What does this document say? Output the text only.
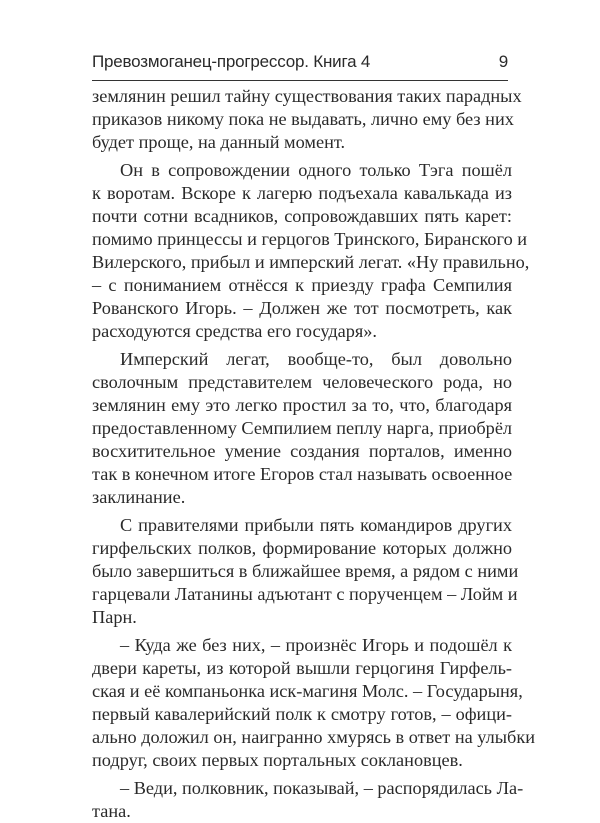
Превозмоганец-прогрессор. Книга 4	9

землянин решил тайну существования таких парадных
приказов никому пока не выдавать, лично ему без них
будет проще, на данный момент.

Он в сопровождении одного только Тэга пошёл
к воротам. Вскоре к лагерю подъехала кавалькада из
почти сотни всадников, сопровождавших пять карет:
помимо принцессы и герцогов Тринского, Биранского и
Вилерского, прибыл и имперский легат. «Ну правильно,
– с пониманием отнёсся к приезду графа Семпилия
Рованского Игорь. – Должен же тот посмотреть, как
расходуются средства его государя».

Имперский легат, вообще-то, был довольно
сволочным представителем человеческого рода, но
землянин ему это легко простил за то, что, благодаря
предоставленному Семпилием пеплу нарга, приобрёл
восхитительное умение создания порталов, именно
так в конечном итоге Егоров стал называть освоенное
заклинание.

С правителями прибыли пять командиров других
гирфельских полков, формирование которых должно
было завершиться в ближайшее время, а рядом с ними
гарцевали Латанины адъютант с порученцем – Лойм и
Парн.

– Куда же без них, – произнёс Игорь и подошёл к
двери кареты, из которой вышли герцогиня Гирфель-
ская и её компаньонка иск-магиня Молс. – Государыня,
первый кавалерийский полк к смотру готов, – офици-
ально доложил он, наигранно хмурясь в ответ на улыбки
подруг, своих первых портальных соклановцев.

– Веди, полковник, показывай, – распорядилась Ла-
тана.
